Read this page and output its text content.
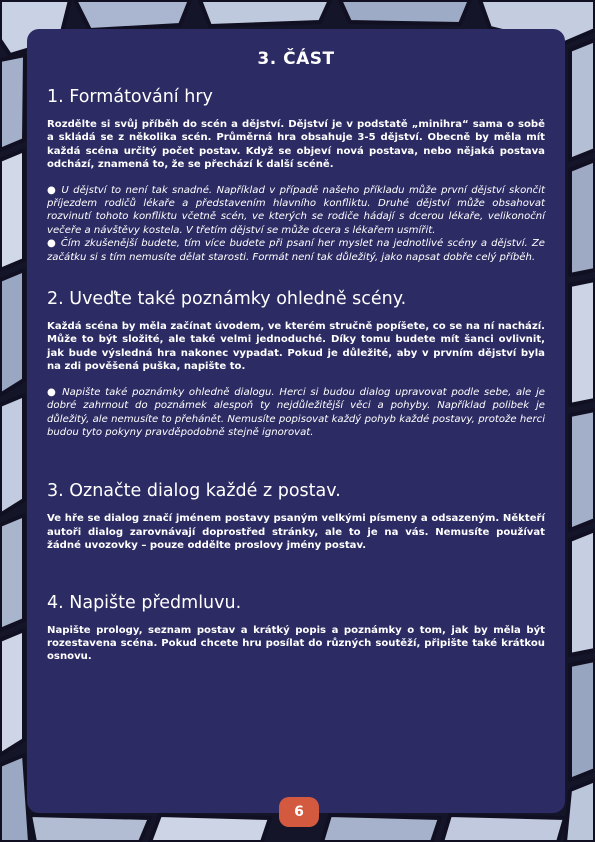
3. ČÁST
1. Formátování hry

Rozdělte si svůj příběh do scén a dějství. Dějství je v podstatě „minihra“ sama o sobě a skládá se z několika scén. Průměrná hra obsahuje 3-5 dějství. Obecně by měla mít každá scéna určitý počet postav. Když se objeví nová postava, nebo nějaká postava odchází, znamená to, že se přechází k další scéně.

● U dějství to není tak snadné. Například v případě našeho příkladu může první dějství skončit příjezdem rodičů lékaře a představením hlavního konfliktu. Druhé dějství může obsahovat rozvinutí tohoto konfliktu včetně scén, ve kterých se rodiče hádají s dcerou lékaře, velikonoční večeře a návštěvy kostela. V třetím dějství se může dcera s lékařem usmířit.

● Čím zkušenější budete, tím více budete při psaní her myslet na jednotlivé scény a dějství. Ze začátku si s tím nemusíte dělat starosti. Formát není tak důležitý, jako napsat dobře celý příběh.

2. Uveďte také poznámky ohledně scény.

Každá scéna by měla začínat úvodem, ve kterém stručně popíšete, co se na ní nachází. Může to být složité, ale také velmi jednoduché. Díky tomu budete mít šanci ovlivnit, jak bude výsledná hra nakonec vypadat. Pokud je důležité, aby v prvním dějství byla na zdi pověšená puška, napište to.

● Napište také poznámky ohledně dialogu. Herci si budou dialog upravovat podle sebe, ale je dobré zahrnout do poznámek alespoň ty nejdůležitější věci a pohyby. Například polibek je důležitý, ale nemusíte to přehánět. Nemusíte popisovat každý pohyb každé postavy, protože herci budou tyto pokyny pravděpodobně stejně ignorovat.

3. Označte dialog každé z postav.

Ve hře se dialog značí jménem postavy psaným velkými písmeny a odsazeným. Někteří autoři dialog zarovnávají doprostřed stránky, ale to je na vás. Nemusíte používat žádné uvozovky – pouze oddělte proslovy jmény postav.

4. Napište předmluvu.

Napište prology, seznam postav a krátký popis a poznámky o tom, jak by měla být rozestavena scéna. Pokud chcete hru posílat do různých soutěží, připište také krátkou osnovu.

6
